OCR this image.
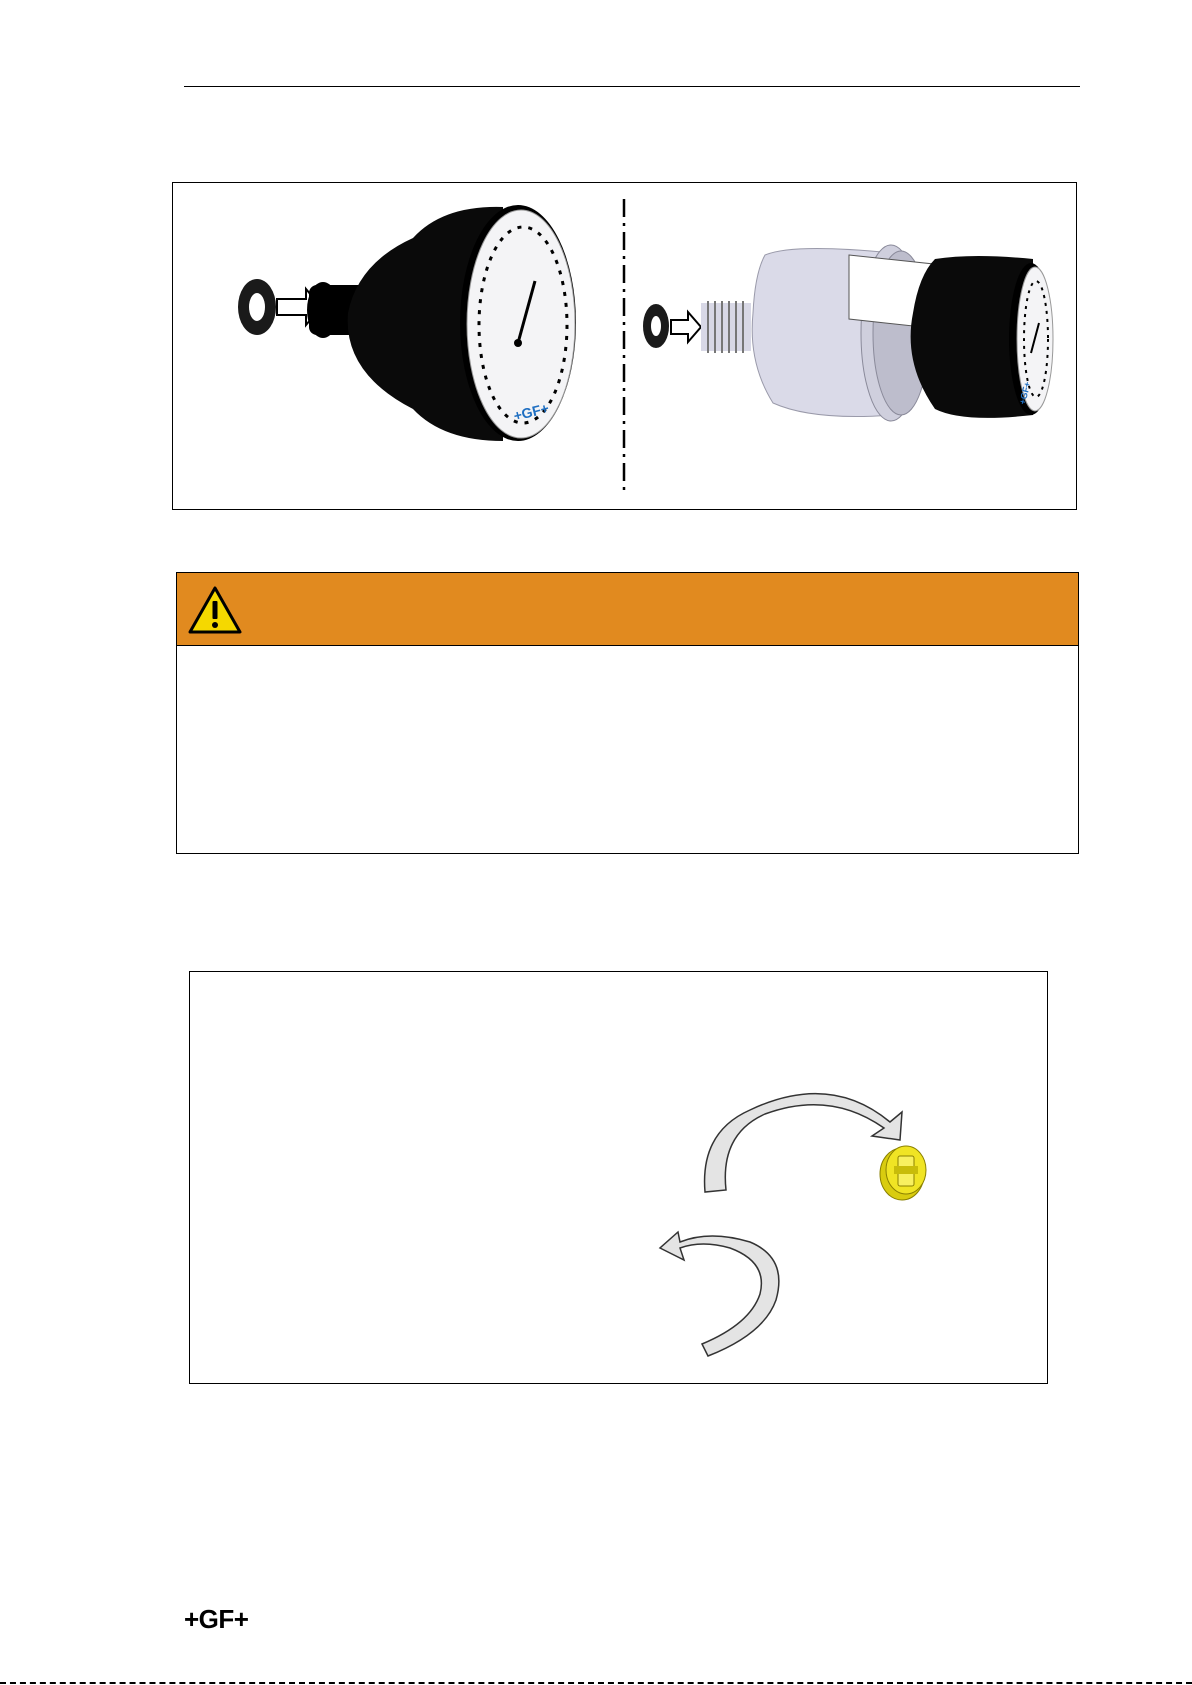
+GF+
+GF+
+GF+
